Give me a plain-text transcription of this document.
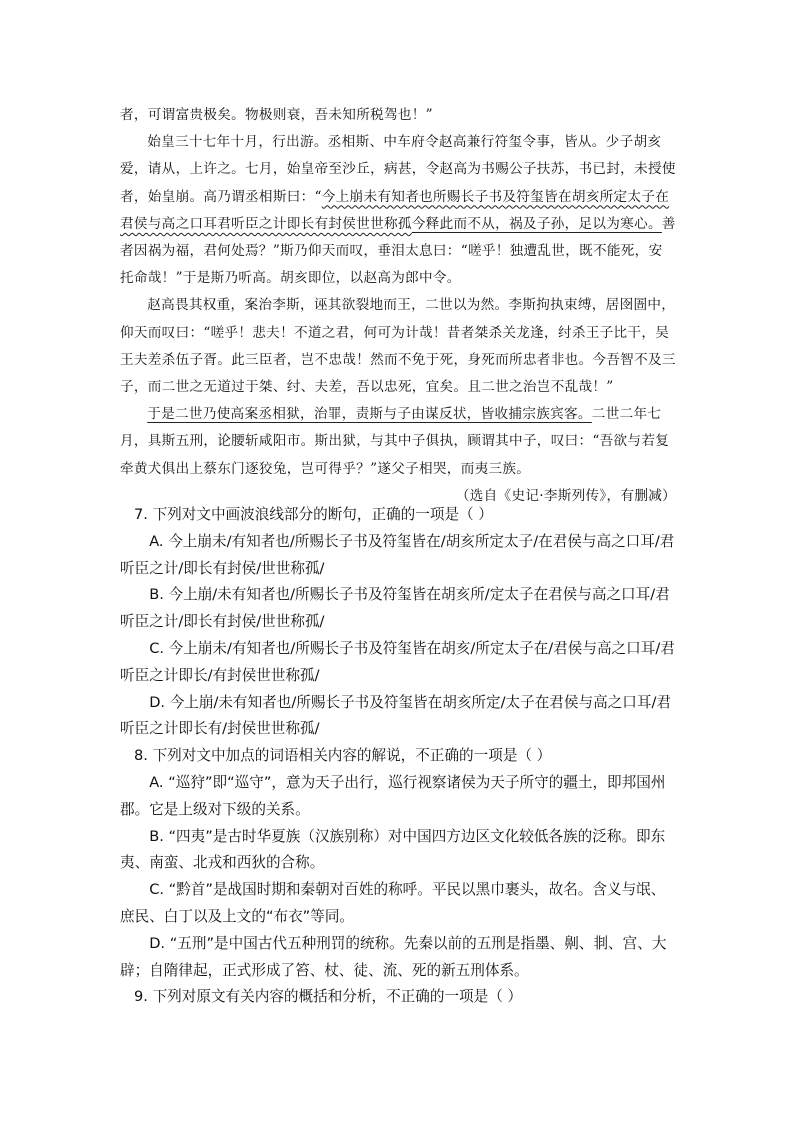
者，可谓富贵极矣。物极则衰，吾未知所税驾也！”

始皇三十七年十月，行出游。丞相斯、中车府令赵高兼行符玺令事，皆从。少子胡亥爱，请从，上许之。七月，始皇帝至沙丘，病甚，令赵高为书赐公子扶苏，书已封，未授使者，始皇崩。高乃谓丞相斯曰：“今上崩未有知者也所赐长子书及符玺皆在胡亥所定太子在君侯与高之口耳君听臣之计即长有封侯世世称孤今释此而不从，祸及子孙，足以为寒心。善者因祸为福，君何处焉？”斯乃仰天而叹，垂泪太息曰：“嗟乎！独遭乱世，既不能死，安托命哉！”于是斯乃听高。胡亥即位，以赵高为郎中令。

赵高畏其权重，案治李斯，诬其欲裂地而王，二世以为然。李斯拘执束缚，居囹圄中，仰天而叹曰：“嗟乎！悲夫！不道之君，何可为计哉！昔者桀杀关龙逢，纣杀王子比干，吴王夫差杀伍子胥。此三臣者，岂不忠哉！然而不免于死，身死而所忠者非也。今吾智不及三子，而二世之无道过于桀、纣、夫差，吾以忠死，宜矣。且二世之治岂不乱哉！”

于是二世乃使高案丞相狱，治罪，责斯与子由谋反状，皆收捕宗族宾客。二世二年七月，具斯五刑，论腰斩咸阳市。斯出狱，与其中子俱执，顾谓其中子，叹曰：“吾欲与若复牵黄犬俱出上蔡东门逐狡兔，岂可得乎？”遂父子相哭，而夷三族。

（选自《史记·李斯列传》，有删减）

7. 下列对文中画波浪线部分的断句，正确的一项是（ ）

A. 今上崩未/有知者也/所赐长子书及符玺皆在/胡亥所定太子/在君侯与高之口耳/君听臣之计/即长有封侯/世世称孤/

B. 今上崩/未有知者也/所赐长子书及符玺皆在胡亥所/定太子在君侯与高之口耳/君听臣之计/即长有封侯/世世称孤/

C. 今上崩未/有知者也/所赐长子书及符玺皆在胡亥/所定太子在/君侯与高之口耳/君听臣之计即长/有封侯世世称孤/

D. 今上崩/未有知者也/所赐长子书及符玺皆在胡亥所定/太子在君侯与高之口耳/君听臣之计即长有/封侯世世称孤/

8. 下列对文中加点的词语相关内容的解说，不正确的一项是（ ）

A. “巡狩”即“巡守”，意为天子出行，巡行视察诸侯为天子所守的疆土，即邦国州郡。它是上级对下级的关系。

B. “四夷”是古时华夏族（汉族别称）对中国四方边区文化较低各族的泛称。即东夷、南蛮、北戎和西狄的合称。

C. “黔首”是战国时期和秦朝对百姓的称呼。平民以黑巾裹头，故名。含义与氓、庶民、白丁以及上文的“布衣”等同。

D. “五刑”是中国古代五种刑罚的统称。先秦以前的五刑是指墨、劓、剕、宫、大辟；自隋律起，正式形成了笞、杖、徒、流、死的新五刑体系。

9. 下列对原文有关内容的概括和分析，不正确的一项是（ ）
